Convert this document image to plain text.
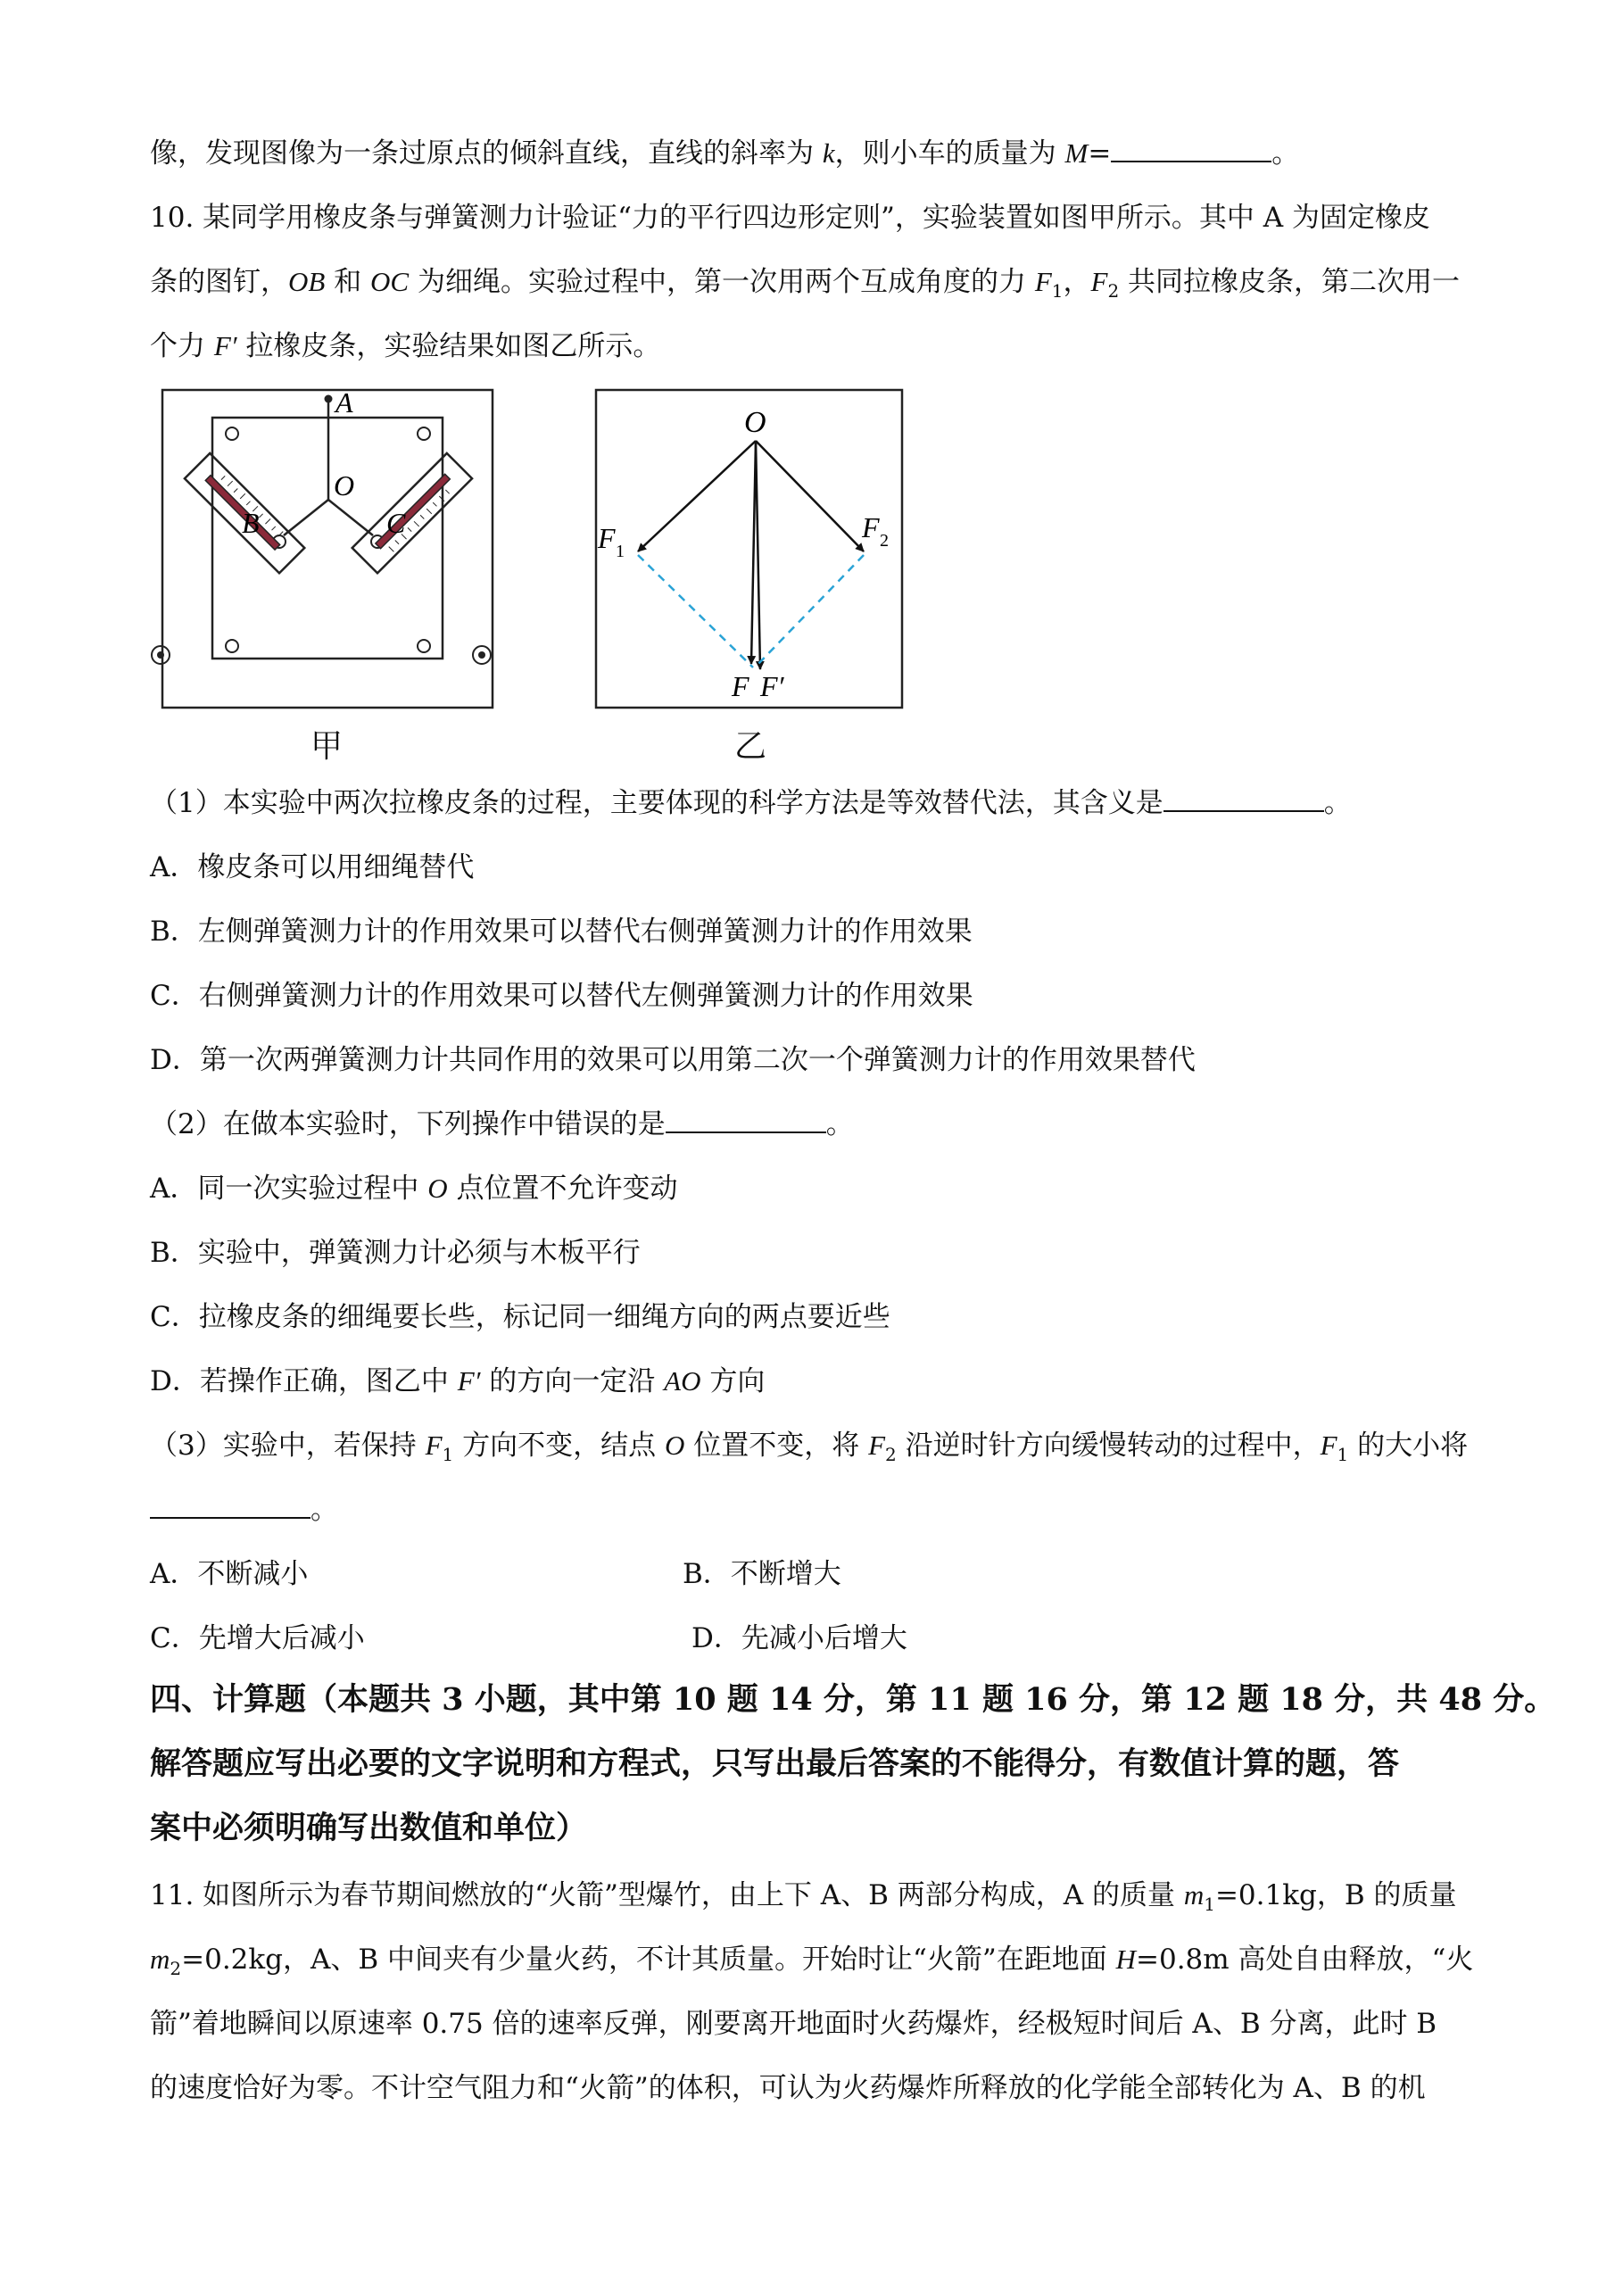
像，发现图像为一条过原点的倾斜直线，直线的斜率为 k，则小车的质量为 M=	。
10. 某同学用橡皮条与弹簧测力计验证“力的平行四边形定则”，实验装置如图甲所示。其中 A 为固定橡皮
条的图钉，OB 和 OC 为细绳。实验过程中，第一次用两个互成角度的力 $F_1$，$F_2$ 共同拉橡皮条，第二次用一
个力 F′ 拉橡皮条，实验结果如图乙所示。
A
O
B	C
甲
O
F 1
F 2
F F′
乙
（1）本实验中两次拉橡皮条的过程，主要体现的科学方法是等效替代法，其含义是	。
A．橡皮条可以用细绳替代
B．左侧弹簧测力计的作用效果可以替代右侧弹簧测力计的作用效果
C．右侧弹簧测力计的作用效果可以替代左侧弹簧测力计的作用效果
D．第一次两弹簧测力计共同作用的效果可以用第二次一个弹簧测力计的作用效果替代
（2）在做本实验时，下列操作中错误的是	。
A．同一次实验过程中 O 点位置不允许变动
B．实验中，弹簧测力计必须与木板平行
C．拉橡皮条的细绳要长些，标记同一细绳方向的两点要近些
D．若操作正确，图乙中 F′ 的方向一定沿 AO 方向
（3）实验中，若保持 $F_1$ 方向不变，结点 O 位置不变，将 $F_2$ 沿逆时针方向缓慢转动的过程中，$F_1$ 的大小将
。
A．不断减小	B．不断增大
C．先增大后减小	D．先减小后增大
四、计算题（本题共 3 小题，其中第 10 题 14 分，第 11 题 16 分，第 12 题 18 分，共 48 分。
解答题应写出必要的文字说明和方程式，只写出最后答案的不能得分，有数值计算的题，答
案中必须明确写出数值和单位）
11. 如图所示为春节期间燃放的“火箭”型爆竹，由上下 A、B 两部分构成，A 的质量 $m_1=0.1kg$，B 的质量
$m_2=0.2kg$，A、B 中间夹有少量火药，不计其质量。开始时让“火箭”在距地面 H=0.8m 高处自由释放，“火
箭”着地瞬间以原速率 0.75 倍的速率反弹，刚要离开地面时火药爆炸，经极短时间后 A、B 分离，此时 B
的速度恰好为零。不计空气阻力和“火箭”的体积，可认为火药爆炸所释放的化学能全部转化为 A、B 的机
